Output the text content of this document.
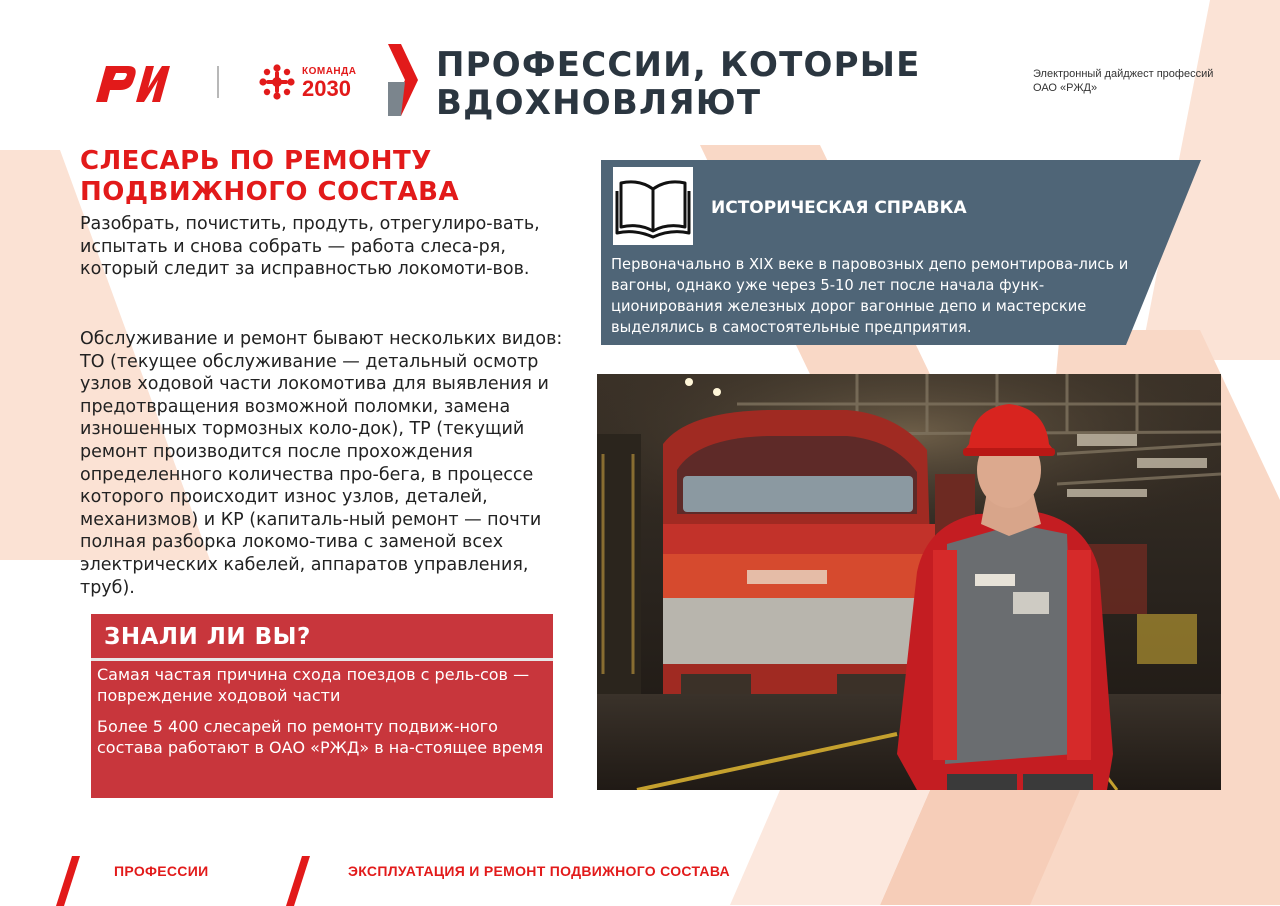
КОМАНДА
2030
ПРОФЕССИИ, КОТОРЫЕ ВДОХНОВЛЯЮТ
Электронный дайджест профессий ОАО «РЖД»
СЛЕСАРЬ ПО РЕМОНТУ ПОДВИЖНОГО СОСТАВА
Разобрать, почистить, продуть, отрегулиро-вать, испытать и снова собрать — работа слеса-ря, который следит за исправностью локомоти-вов.
Обслуживание и ремонт бывают нескольких видов: ТО (текущее обслуживание — детальный осмотр узлов ходовой части локомотива для выявления и предотвращения возможной поломки, замена изношенных тормозных коло-док), ТР (текущий ремонт производится после прохождения определенного количества про-бега, в процессе которого происходит износ узлов, деталей, механизмов) и КР (капиталь-ный ремонт — почти полная разборка локомо-тива с заменой всех электрических кабелей, аппаратов управления, труб).
ЗНАЛИ ЛИ ВЫ?
Самая частая причина схода поездов с рель-сов — повреждение ходовой части
Более 5 400 слесарей по ремонту подвиж-ного состава работают в ОАО «РЖД» в на-стоящее время
ИСТОРИЧЕСКАЯ СПРАВКА
Первоначально в XIX веке в паровозных депо ремонтирова-лись и вагоны, однако уже через 5-10 лет после начала функ-ционирования железных дорог вагонные депо и мастерские выделялись в самостоятельные предприятия.
ПРОФЕССИИ	ЭКСПЛУАТАЦИЯ И РЕМОНТ ПОДВИЖНОГО СОСТАВА
